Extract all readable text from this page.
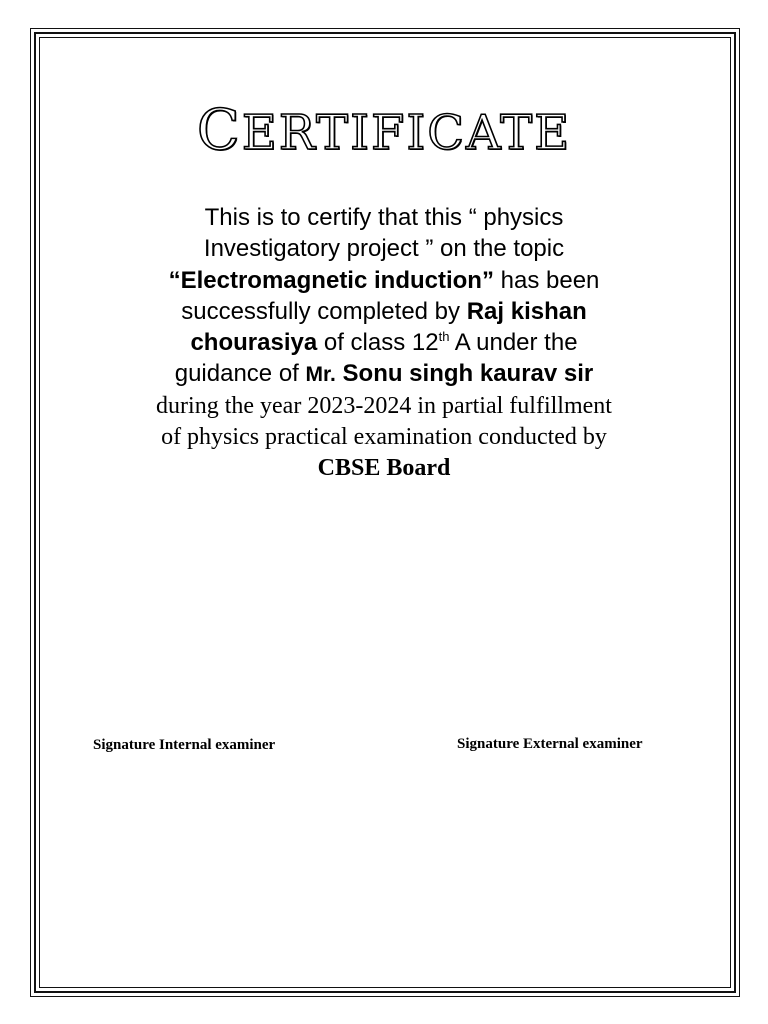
CERTIFICATE
This is to certify that this “ physics
Investigatory project ” on the topic
“Electromagnetic induction” has been
successfully completed by Raj kishan
chourasiya of class 12th A under the
guidance of Mr. Sonu singh kaurav sir
during the year 2023-2024 in partial fulfillment
of physics practical examination conducted by
CBSE Board
Signature Internal examiner	Signature External examiner
